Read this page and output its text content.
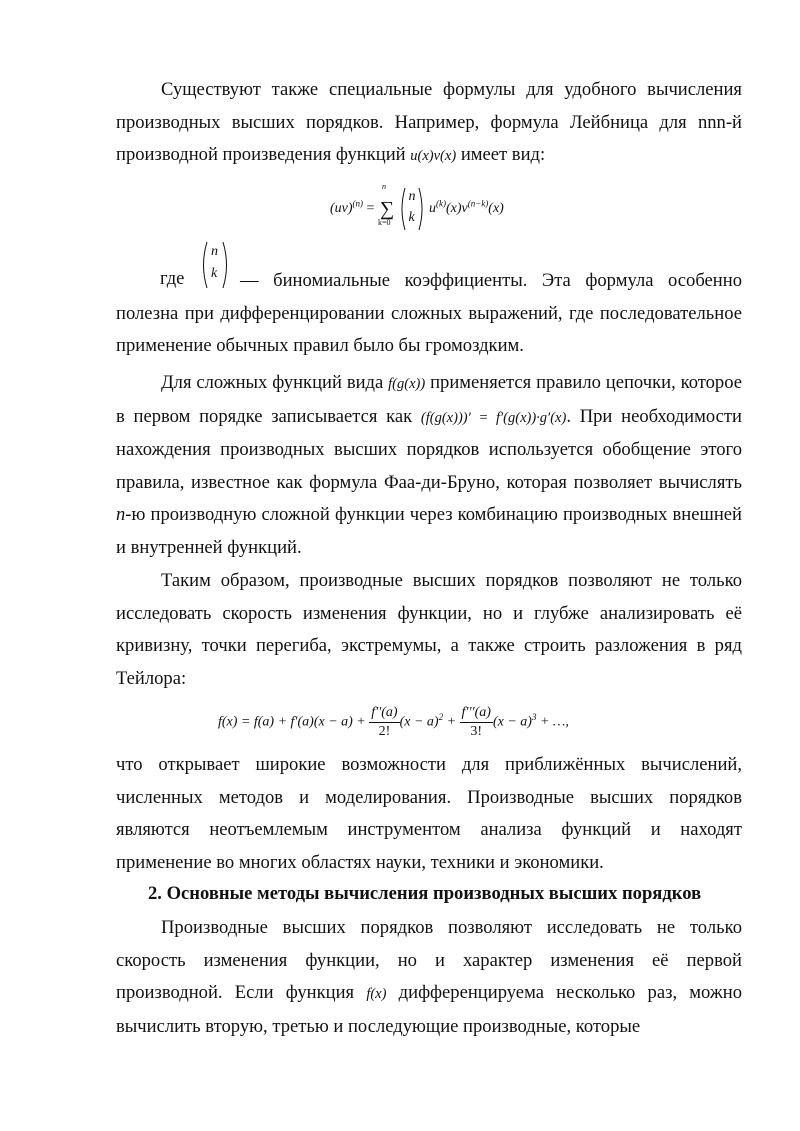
Существуют также специальные формулы для удобного вычисления производных высших порядков. Например, формула Лейбница для nnn-й производной произведения функций u(x)v(x) имеет вид:

(uv)$^{(n)}$ =
n
∑
k=0

n
k
$u^{(k)}(x)v^{(n-k)}(x)$
где
n
k	— биномиальные коэффициенты. Эта формула особенно полезна при дифференцировании сложных выражений, где последовательное применение обычных правил было бы громоздким.

Для сложных функций вида f(g(x)) применяется правило цепочки, которое в первом порядке записывается как (f(g(x)))′ = f′(g(x))·g′(x). При необходимости нахождения производных высших порядков используется обобщение этого правила, известное как формула Фаа-ди-Бруно, которая позволяет вычислять n-ю производную сложной функции через комбинацию производных внешней и внутренней функций.

Таким образом, производные высших порядков позволяют не только исследовать скорость изменения функции, но и глубже анализировать её кривизну, точки перегиба, экстремумы, а также строить разложения в ряд Тейлора:

$f(x) = f(a) + f'(a)(x - a) + \frac{f''(a)}{2!} (x - a)^2 + \frac{f'''(a)}{3!} (x - a)^3$ + …,

что открывает широкие возможности для приближённых вычислений, численных методов и моделирования. Производные высших порядков являются неотъемлемым инструментом анализа функций и находят применение во многих областях науки, техники и экономики.

2. Основные методы вычисления производных высших порядков

Производные высших порядков позволяют исследовать не только скорость изменения функции, но и характер изменения её первой производной. Если функция f(x) дифференцируема несколько раз, можно вычислить вторую, третью и последующие производные, которые
